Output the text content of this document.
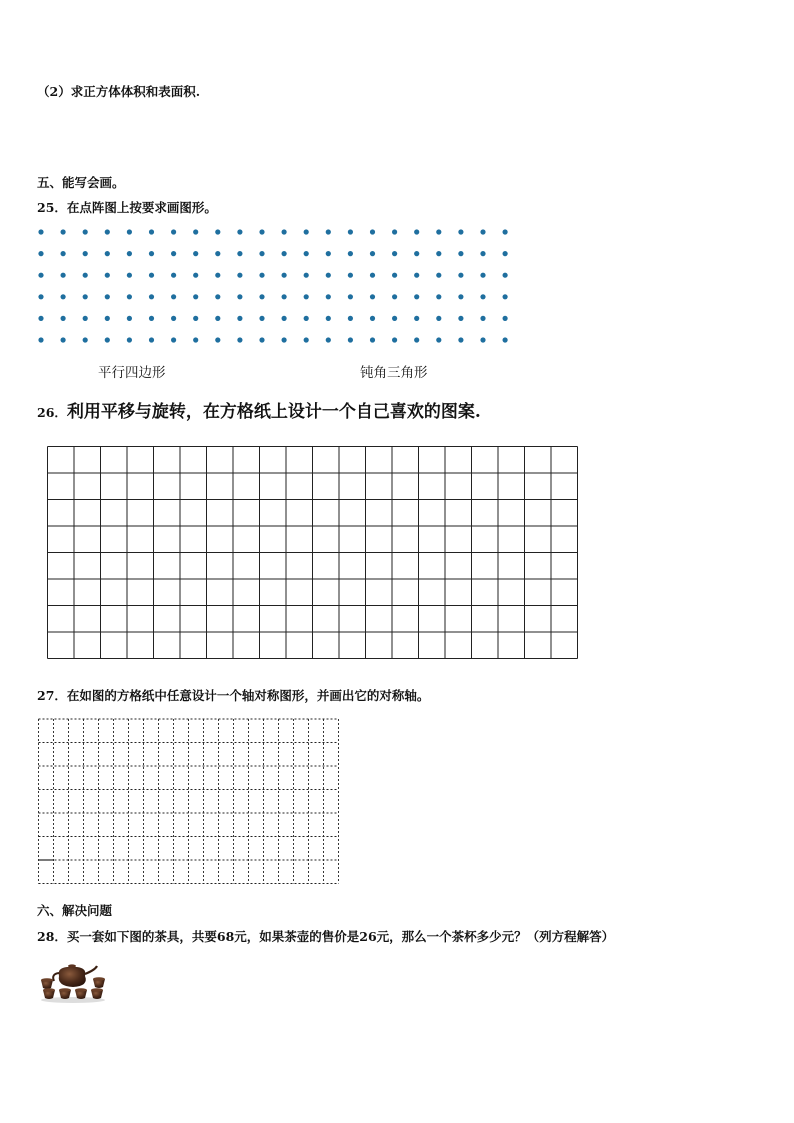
（2）求正方体体积和表面积.
五、能写会画。
25．在点阵图上按要求画图形。
平行四边形	钝角三角形
26．利用平移与旋转，在方格纸上设计一个自己喜欢的图案.
27．在如图的方格纸中任意设计一个轴对称图形，并画出它的对称轴。
六、解决问题
28．买一套如下图的茶具，共要68元，如果茶壶的售价是26元，那么一个茶杯多少元？（列方程解答）
